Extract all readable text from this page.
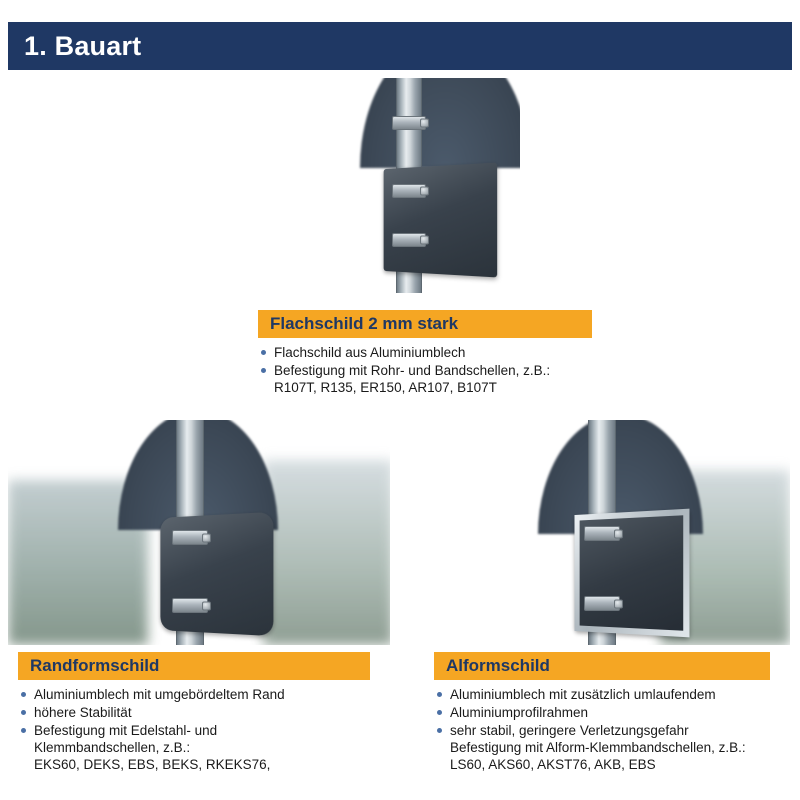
1. Bauart
Flachschild 2 mm stark
Flachschild aus Aluminiumblech
Befestigung mit Rohr- und Bandschellen, z.B.:
R107T, R135, ER150, AR107, B107T
Randformschild
Aluminiumblech mit umgebördeltem Rand
höhere Stabilität
Befestigung mit Edelstahl- und
Klemmbandschellen, z.B.:
EKS60, DEKS, EBS, BEKS, RKEKS76,
Alformschild
Aluminiumblech mit zusätzlich umlaufendem
Aluminiumprofilrahmen
sehr stabil, geringere Verletzungsgefahr
Befestigung mit Alform-Klemmbandschellen, z.B.:
LS60, AKS60, AKST76, AKB, EBS
